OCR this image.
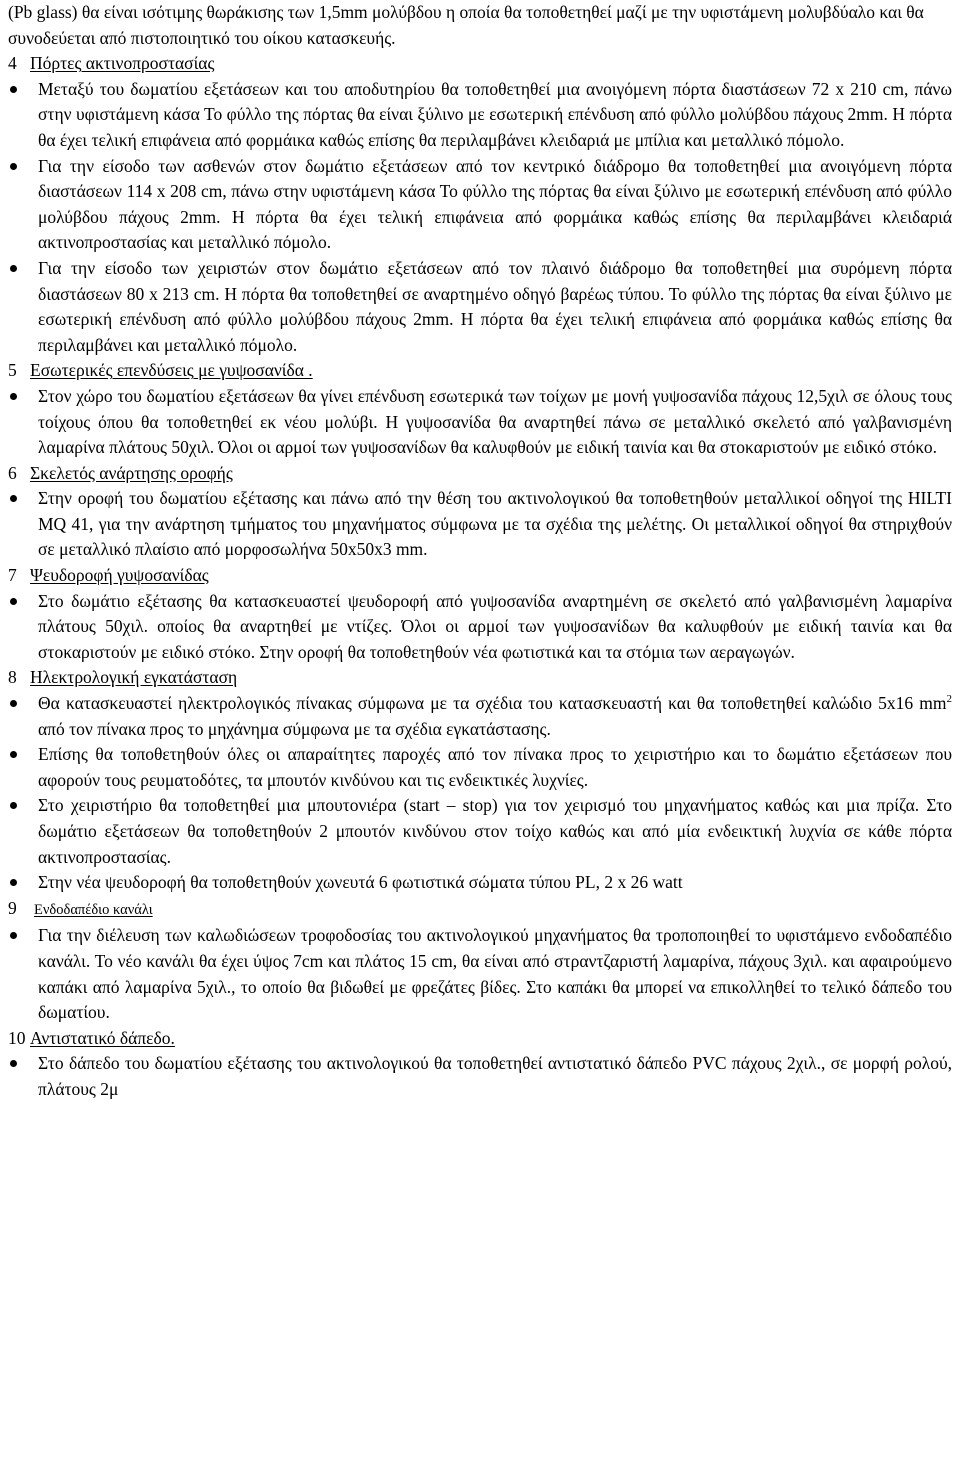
(Pb glass) θα είναι ισότιμης θωράκισης των 1,5mm μολύβδου η οποία θα τοποθετηθεί μαζί με την υφιστάμενη μολυβδύαλο και θα συνοδεύεται από πιστοποιητικό του οίκου κατασκευής.

4 Πόρτες ακτινοπροστασίας

Μεταξύ του δωματίου εξετάσεων και του αποδυτηρίου θα τοποθετηθεί μια ανοιγόμενη πόρτα διαστάσεων 72 x 210 cm, πάνω στην υφιστάμενη κάσα Το φύλλο της πόρτας θα είναι ξύλινο με εσωτερική επένδυση από φύλλο μολύβδου πάχους 2mm. Η πόρτα θα έχει τελική επιφάνεια από φορμάικα καθώς επίσης θα περιλαμβάνει κλειδαριά με μπίλια και μεταλλικό πόμολο.
Για την είσοδο των ασθενών στον δωμάτιο εξετάσεων από τον κεντρικό διάδρομο θα τοποθετηθεί μια ανοιγόμενη πόρτα διαστάσεων 114 x 208 cm, πάνω στην υφιστάμενη κάσα Το φύλλο της πόρτας θα είναι ξύλινο με εσωτερική επένδυση από φύλλο μολύβδου πάχους 2mm. Η πόρτα θα έχει τελική επιφάνεια από φορμάικα καθώς επίσης θα περιλαμβάνει κλειδαριά ακτινοπροστασίας και μεταλλικό πόμολο.
Για την είσοδο των χειριστών στον δωμάτιο εξετάσεων από τον πλαινό διάδρομο θα τοποθετηθεί μια συρόμενη πόρτα διαστάσεων 80 x 213 cm. Η πόρτα θα τοποθετηθεί σε αναρτημένο οδηγό βαρέως τύπου. Το φύλλο της πόρτας θα είναι ξύλινο με εσωτερική επένδυση από φύλλο μολύβδου πάχους 2mm. Η πόρτα θα έχει τελική επιφάνεια από φορμάικα καθώς επίσης θα περιλαμβάνει και μεταλλικό πόμολο.

5 Εσωτερικές επενδύσεις με γυψοσανίδα .

Στον χώρο του δωματίου εξετάσεων θα γίνει επένδυση εσωτερικά των τοίχων με μονή γυψοσανίδα πάχους 12,5χιλ σε όλους τους τοίχους όπου θα τοποθετηθεί εκ νέου μολύβι. Η γυψοσανίδα θα αναρτηθεί πάνω σε μεταλλικό σκελετό από γαλβανισμένη λαμαρίνα πλάτους 50χιλ. Όλοι οι αρμοί των γυψοσανίδων θα καλυφθούν με ειδική ταινία και θα στοκαριστούν με ειδικό στόκο.

6 Σκελετός ανάρτησης οροφής

Στην οροφή του δωματίου εξέτασης και πάνω από την θέση του ακτινολογικού θα τοποθετηθούν μεταλλικοί οδηγοί της HILTI MQ 41, για την ανάρτηση τμήματος του μηχανήματος σύμφωνα με τα σχέδια της μελέτης. Οι μεταλλικοί οδηγοί θα στηριχθούν σε μεταλλικό πλαίσιο από μορφοσωλήνα 50x50x3 mm.

7 Ψευδοροφή γυψοσανίδας

Στο δωμάτιο εξέτασης θα κατασκευαστεί ψευδοροφή από γυψοσανίδα αναρτημένη σε σκελετό από γαλβανισμένη λαμαρίνα πλάτους 50χιλ. οποίος θα αναρτηθεί με ντίζες. Όλοι οι αρμοί των γυψοσανίδων θα καλυφθούν με ειδική ταινία και θα στοκαριστούν με ειδικό στόκο. Στην οροφή θα τοποθετηθούν νέα φωτιστικά και τα στόμια των αεραγωγών.

8 Ηλεκτρολογική εγκατάσταση

Θα κατασκευαστεί ηλεκτρολογικός πίνακας σύμφωνα με τα σχέδια του κατασκευαστή και θα τοποθετηθεί καλώδιο 5x16 $mm^2$ από τον πίνακα προς το μηχάνημα σύμφωνα με τα σχέδια εγκατάστασης.
Επίσης θα τοποθετηθούν όλες οι απαραίτητες παροχές από τον πίνακα προς το χειριστήριο και το δωμάτιο εξετάσεων που αφορούν τους ρευματοδότες, τα μπουτόν κινδύνου και τις ενδεικτικές λυχνίες.
Στο χειριστήριο θα τοποθετηθεί μια μπουτονιέρα (start – stop) για τον χειρισμό του μηχανήματος καθώς και μια πρίζα. Στο δωμάτιο εξετάσεων θα τοποθετηθούν 2 μπουτόν κινδύνου στον τοίχο καθώς και από μία ενδεικτική λυχνία σε κάθε πόρτα ακτινοπροστασίας.
Στην νέα ψευδοροφή θα τοποθετηθούν χωνευτά 6 φωτιστικά σώματα τύπου PL, 2 x 26 watt

9 Ενδοδαπέδιο κανάλι

Για την διέλευση των καλωδιώσεων τροφοδοσίας του ακτινολογικού μηχανήματος θα τροποποιηθεί το υφιστάμενο ενδοδαπέδιο κανάλι. Το νέο κανάλι θα έχει ύψος 7cm και πλάτος 15 cm, θα είναι από στραντζαριστή λαμαρίνα, πάχους 3χιλ. και αφαιρούμενο καπάκι από λαμαρίνα 5χιλ., το οποίο θα βιδωθεί με φρεζάτες βίδες. Στο καπάκι θα μπορεί να επικολληθεί το τελικό δάπεδο του δωματίου.

10 Αντιστατικό δάπεδο.

Στο δάπεδο του δωματίου εξέτασης του ακτινολογικού θα τοποθετηθεί αντιστατικό δάπεδο PVC πάχους 2χιλ., σε μορφή ρολού, πλάτους 2μ
